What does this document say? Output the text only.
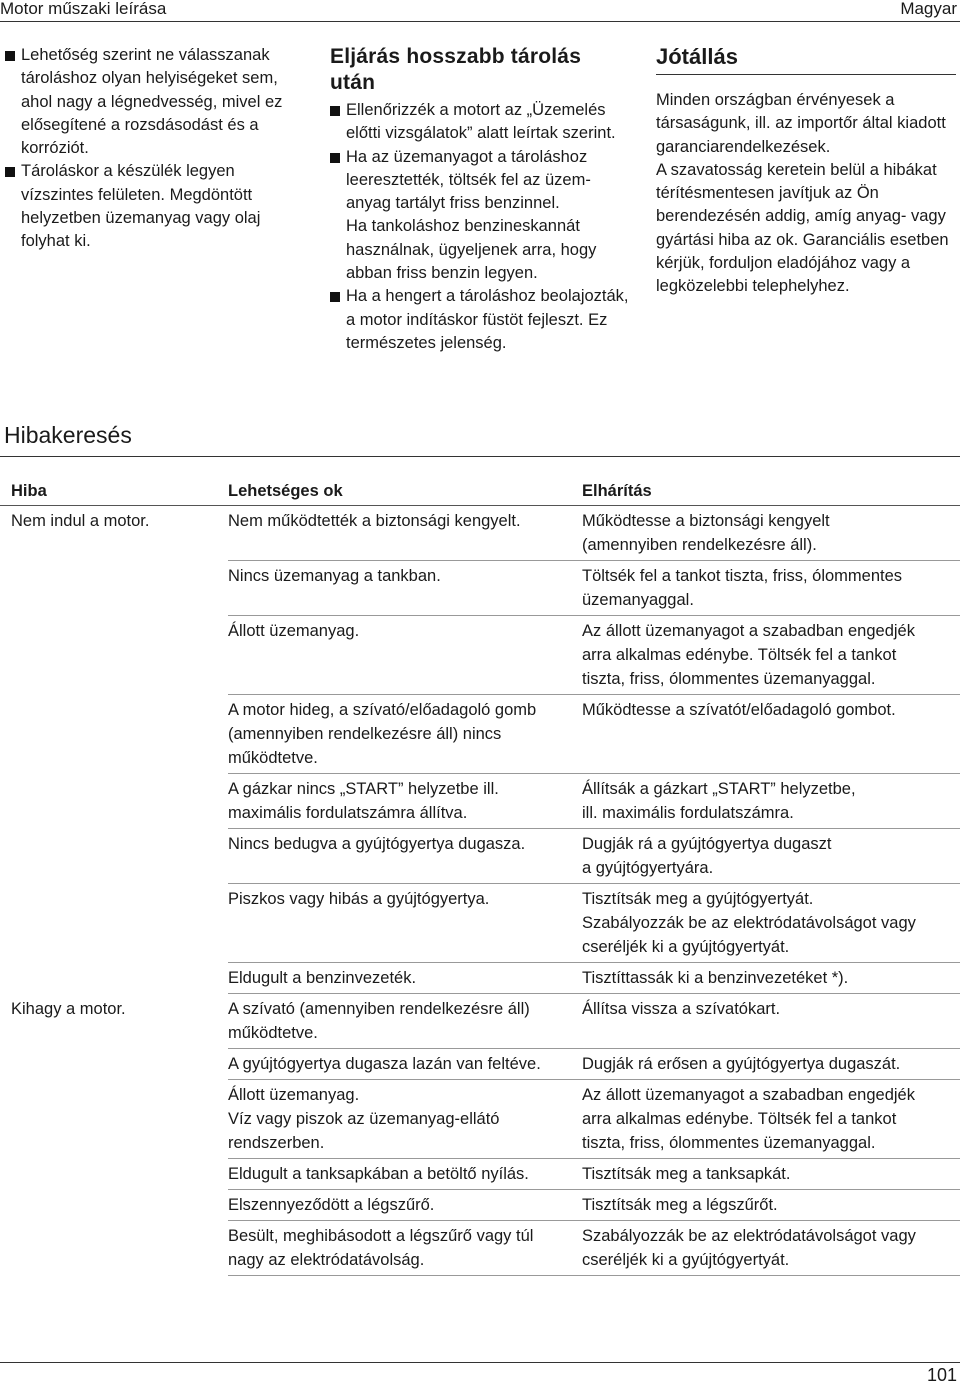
Motor műszaki leírása	Magyar

Lehetőség szerint ne válasszanak tároláshoz olyan helyiségeket sem, ahol nagy a légnedvesség, mivel ez elősegítené a rozsdásodást és a korróziót.

Tároláskor a készülék legyen vízszintes felületen. Megdöntött helyzetben üzemanyag vagy olaj folyhat ki.

Eljárás hosszabb tárolás után

Ellenőrizzék a motort az „Üzemelés előtti vizsgálatok” alatt leírtak szerint.

Ha az üzemanyagot a tároláshoz leeresztették, töltsék fel az üzem-anyag tartályt friss benzinnel.

Ha tankoláshoz benzineskannát használnak, ügyeljenek arra, hogy abban friss benzin legyen.

Ha a hengert a tároláshoz beolajozták, a motor indításkor füstöt fejleszt. Ez természetes jelenség.

Jótállás

Minden országban érvényesek a társaságunk, ill. az importőr által kiadott garanciarendelkezések.

A szavatosság keretein belül a hibákat térítésmentesen javítjuk az Ön berendezésén addig, amíg anyag- vagy gyártási hiba az ok. Garanciális esetben kérjük, forduljon eladójához vagy a legközelebbi telephelyhez.

Hibakeresés
Hiba	Lehetséges ok	Elhárítás
Nem indul a motor.	Nem működtették a biztonsági kengyelt.	Működtesse a biztonsági kengyelt
(amennyiben rendelkezésre áll).

	Nincs üzemanyag a tankban.	Töltsék fel a tankot tiszta, friss, ólommentes
üzemanyaggal.

	Állott üzemanyag.	Az állott üzemanyagot a szabadban engedjék
arra alkalmas edénybe. Töltsék fel a tankot
tiszta, friss, ólommentes üzemanyaggal.

	A motor hideg, a szívató/előadagoló gomb
(amennyiben rendelkezésre áll) nincs
működtetve.	Működtesse a szívatót/előadagoló gombot.

	A gázkar nincs „START” helyzetbe ill.
maximális fordulatszámra állítva.	Állítsák a gázkart „START” helyzetbe,
ill. maximális fordulatszámra.

	Nincs bedugva a gyújtógyertya dugasza.	Dugják rá a gyújtógyertya dugaszt
a gyújtógyertyára.

	Piszkos vagy hibás a gyújtógyertya.	Tisztítsák meg a gyújtógyertyát.
Szabályozzák be az elektródatávolságot vagy
cseréljék ki a gyújtógyertyát.

	Eldugult a benzinvezeték.	Tisztíttassák ki a benzinvezetéket *).

Kihagy a motor.	A szívató (amennyiben rendelkezésre áll)
működtetve.	Állítsa vissza a szívatókart.

	A gyújtógyertya dugasza lazán van feltéve.	Dugják rá erősen a gyújtógyertya dugaszát.

	Állott üzemanyag.
Víz vagy piszok az üzemanyag-ellátó
rendszerben.	Az állott üzemanyagot a szabadban engedjék
arra alkalmas edénybe. Töltsék fel a tankot
tiszta, friss, ólommentes üzemanyaggal.

	Eldugult a tanksapkában a betöltő nyílás.	Tisztítsák meg a tanksapkát.

	Elszennyeződött a légszűrő.	Tisztítsák meg a légszűrőt.

	Besült, meghibásodott a légszűrő vagy túl
nagy az elektródatávolság.	Szabályozzák be az elektródatávolságot vagy
cseréljék ki a gyújtógyertyát.
101
